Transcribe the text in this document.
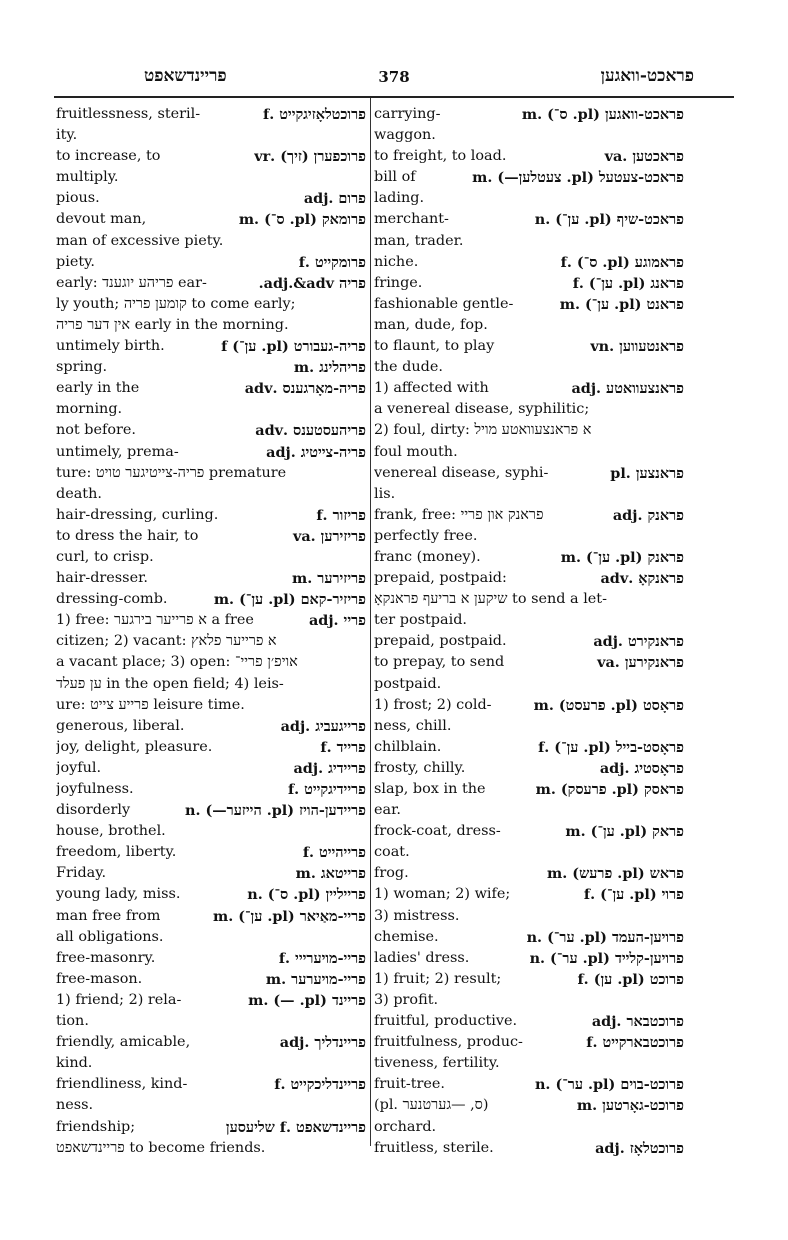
פריינדשאפט	378	פראכט-וואגען
fruitlessness, steril-	פרוכטלאָזיגקייט .f
ity.
to increase, to	פרוכפערן (זיך) .vr
multiply.
pious.	פרום .adj
devout man,	פרומאק (pl. ס־) .m
man of excessive piety.
piety.	פרומקייט .f
early: פריהע יוגענד ear-	פריה adj.&adv.
ly youth; קומען פריה to come early;
אין דער פריה early in the morning.
untimely birth.	פריה-געבורט (pl. ען־) f
spring.	פריהלינג .m
early in the	פריה-מאָרגענס .adv
morning.
not before.	פריהעסטענס .adv
untimely, prema-	פריה-צייטיג .adj
ture: פריה-צייטיגער טויט premature
death.
hair-dressing, curling.	פריזור .f
to dress the hair, to	פריזירען .va
curl, to crisp.
hair-dresser.	פריזירער .m
dressing-comb.	פריזיר-קאם (pl. ען־) .m
1) free: א פרייער בירגער a free	פריי .adj
citizen; 2) vacant: א פרייער פלאץ
a vacant place; 3) open: אויפ׳ן פריי־
ען פעלד in the open field; 4) leis-
ure: פרייע צייט leisure time.
generous, liberal.	פרייגעביג .adj
joy, delight, pleasure.	פרייד .f
joyful.	פריידיג .adj
joyfulness.	פריידיגקייט .f
disorderly	פריידען-הויז (pl. הייזער—) .n
house, brothel.
freedom, liberty.	פרייהייט .f
Friday.	פרייטאג .m
young lady, miss.	פרייליין (pl. ס־) .n
man free from	פריי-מאַיאר (pl. ען־) .m
all obligations.
free-masonry.	פריי-מויערייי .f
free-mason.	פריי-מויערער .m
1) friend; 2) rela-	פריינד (pl. —) .m
tion.
friendly, amicable,	פריינדליך .adj
kind.
friendliness, kind-	פריינדליכקייט .f
ness.
friendship;	פריינדשאפט .f שליעסען
פריינדשאפט to become friends.
carrying-	פראכט-וואגען (pl. ס־) .m
waggon.
to freight, to load.	פראכטען .va
bill of	פראכט-צעטעל (pl. צעטלען—) .m
lading.
merchant-	פראכט-שיף (pl. ען־) .n
man, trader.
niche.	פראמוגע (pl. ס־) .f
fringe.	פראנג (pl. ען־) .f
fashionable gentle-	פראנט (pl. ען־) .m
man, dude, fop.
to flaunt, to play	פראנטעווען .vn
the dude.
1) affected with	פראנצעוואטע .adj
a venereal disease, syphilitic;
2) foul, dirty: א פראנצעוואטע מויל
foul mouth.
venereal disease, syphi-	פראנצען .pl
lis.
frank, free: פראנק און פריי	פראנק .adj
perfectly free.
franc (money).	פראנק (pl. ען־) .m
prepaid, postpaid:	פראנקאָ .adv
שיקען א בריעף פראנקאָ to send a let-
ter postpaid.
prepaid, postpaid.	פראנקירט .adj
to prepay, to send	פראנקירען .va
postpaid.
1) frost; 2) cold-	פראָסט (pl. פרעסט) .m
ness, chill.
chilblain.	פראָסט-בייל (pl. ען־) .f
frosty, chilly.	פראָסטיג .adj
slap, box in the	פראסק (pl. פרעסק) .m
ear.
frock-coat, dress-	פראק (pl. ען־) .m
coat.
frog.	פראש (pl. פרעש) .m
1) woman; 2) wife;	פרוי (pl. ען־) .f
3) mistress.
chemise.	פרויען-העמד (pl. ער־) .n
ladies' dress.	פרויען-קלייד (pl. ער־) .n
1) fruit; 2) result;	פרוכט (pl. ען) .f
3) profit.
fruitful, productive.	פרוכטבאר .adj
fruitfulness, produc-	פרוכטבארקייט .f
tiveness, fertility.
fruit-tree.	פרוכט-בוים (pl. ער־) .n
(pl. ס, —גערטנער)	פרוכט-גאָרטען .m
orchard.
fruitless, sterile.	פרוכטלאָז .adj
